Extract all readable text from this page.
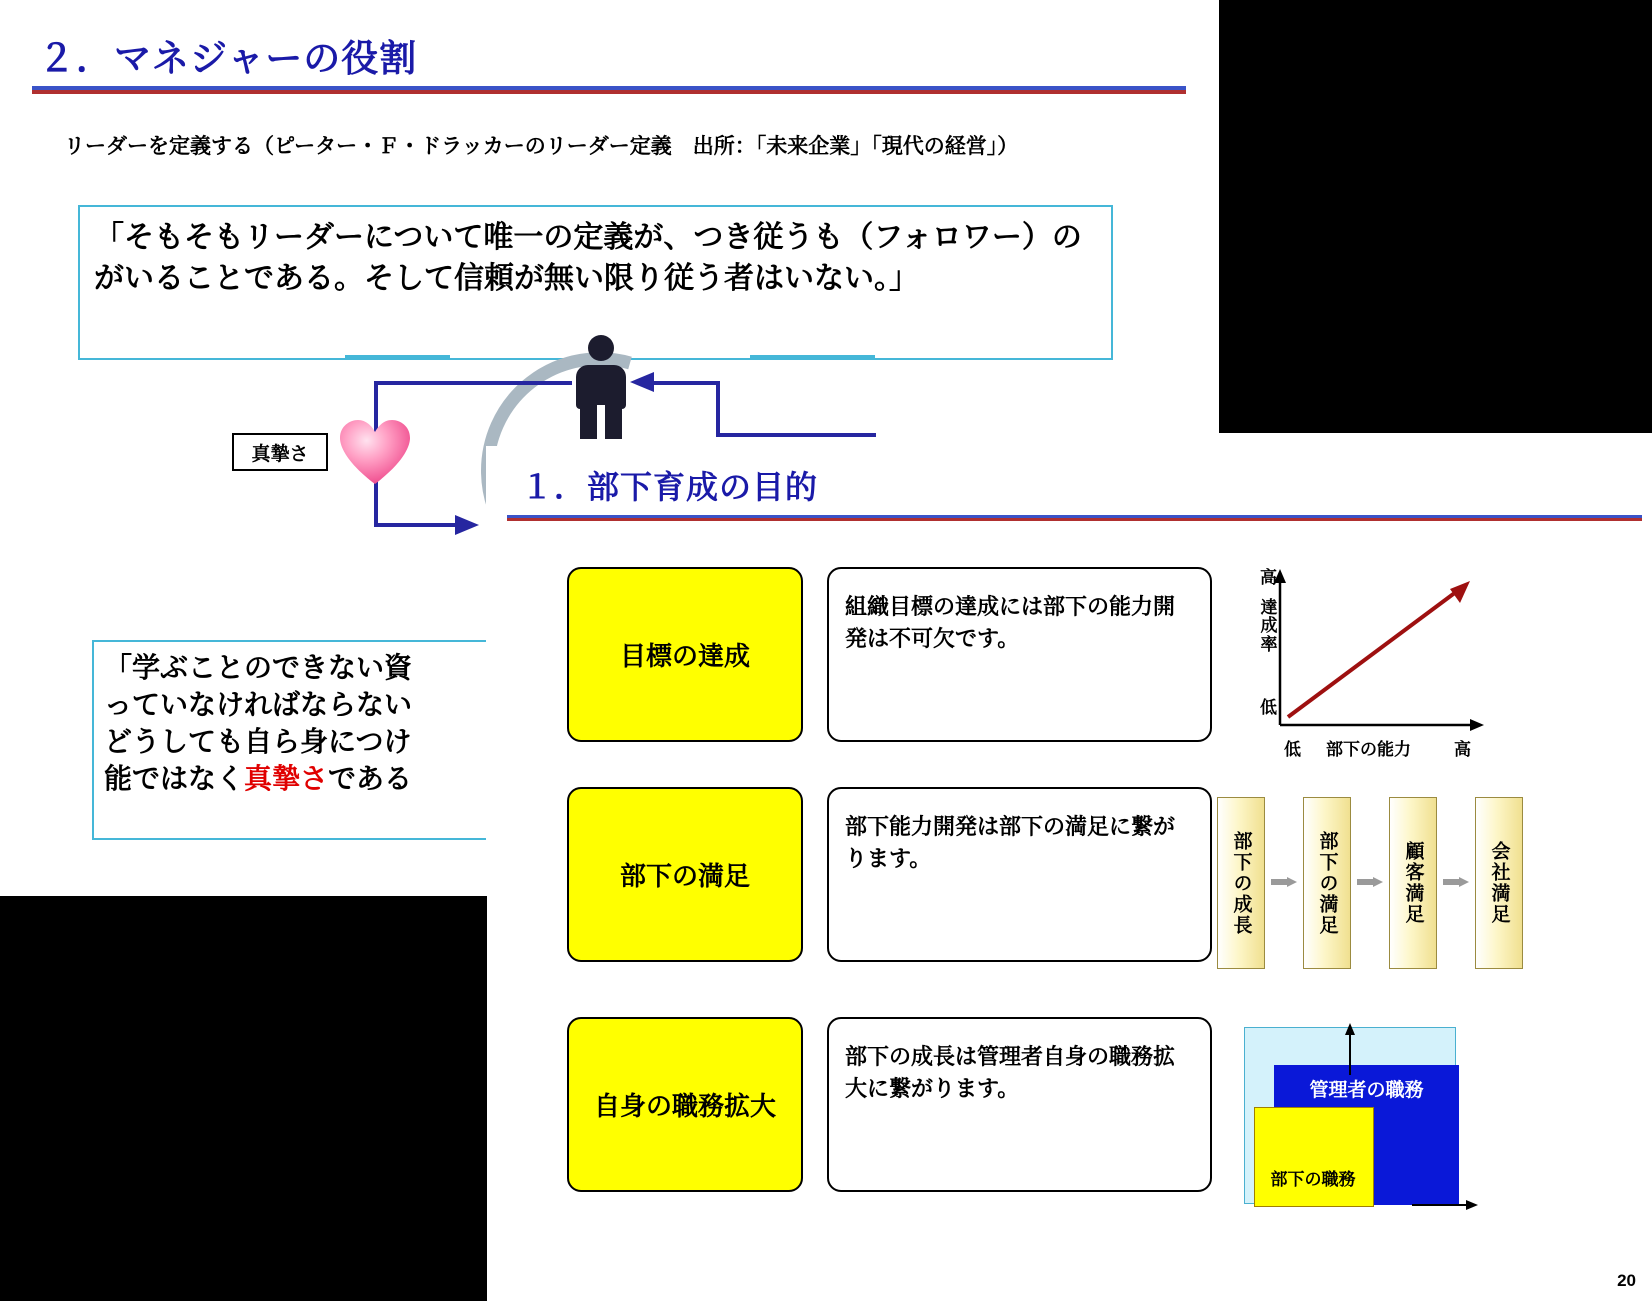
２．マネジャーの役割
リーダーを定義する（ピーター・Ｆ・ドラッカーのリーダー定義　出所：「未来企業」「現代の経営」）
「そもそもリーダーについて唯一の定義が、つき従うも（フォロワー）のがいることである。そして信頼が無い限り従う者はいない。」
真摯さ
「学ぶことのできない資
っていなければならない
どうしても自ら身につけ
能ではなく真摯さである
１．部下育成の目的
目標の達成
組織目標の達成には部下の能力開発は不可欠です。
高
達成率
低
低 部下の能力	高
部下の満足
部下能力開発は部下の満足に繋がります。	部下の成長	部下の満足	顧客満足	会社満足
自身の職務拡大
部下の成長は管理者自身の職務拡大に繋がります。	管理者の職務
部下の職務
20
